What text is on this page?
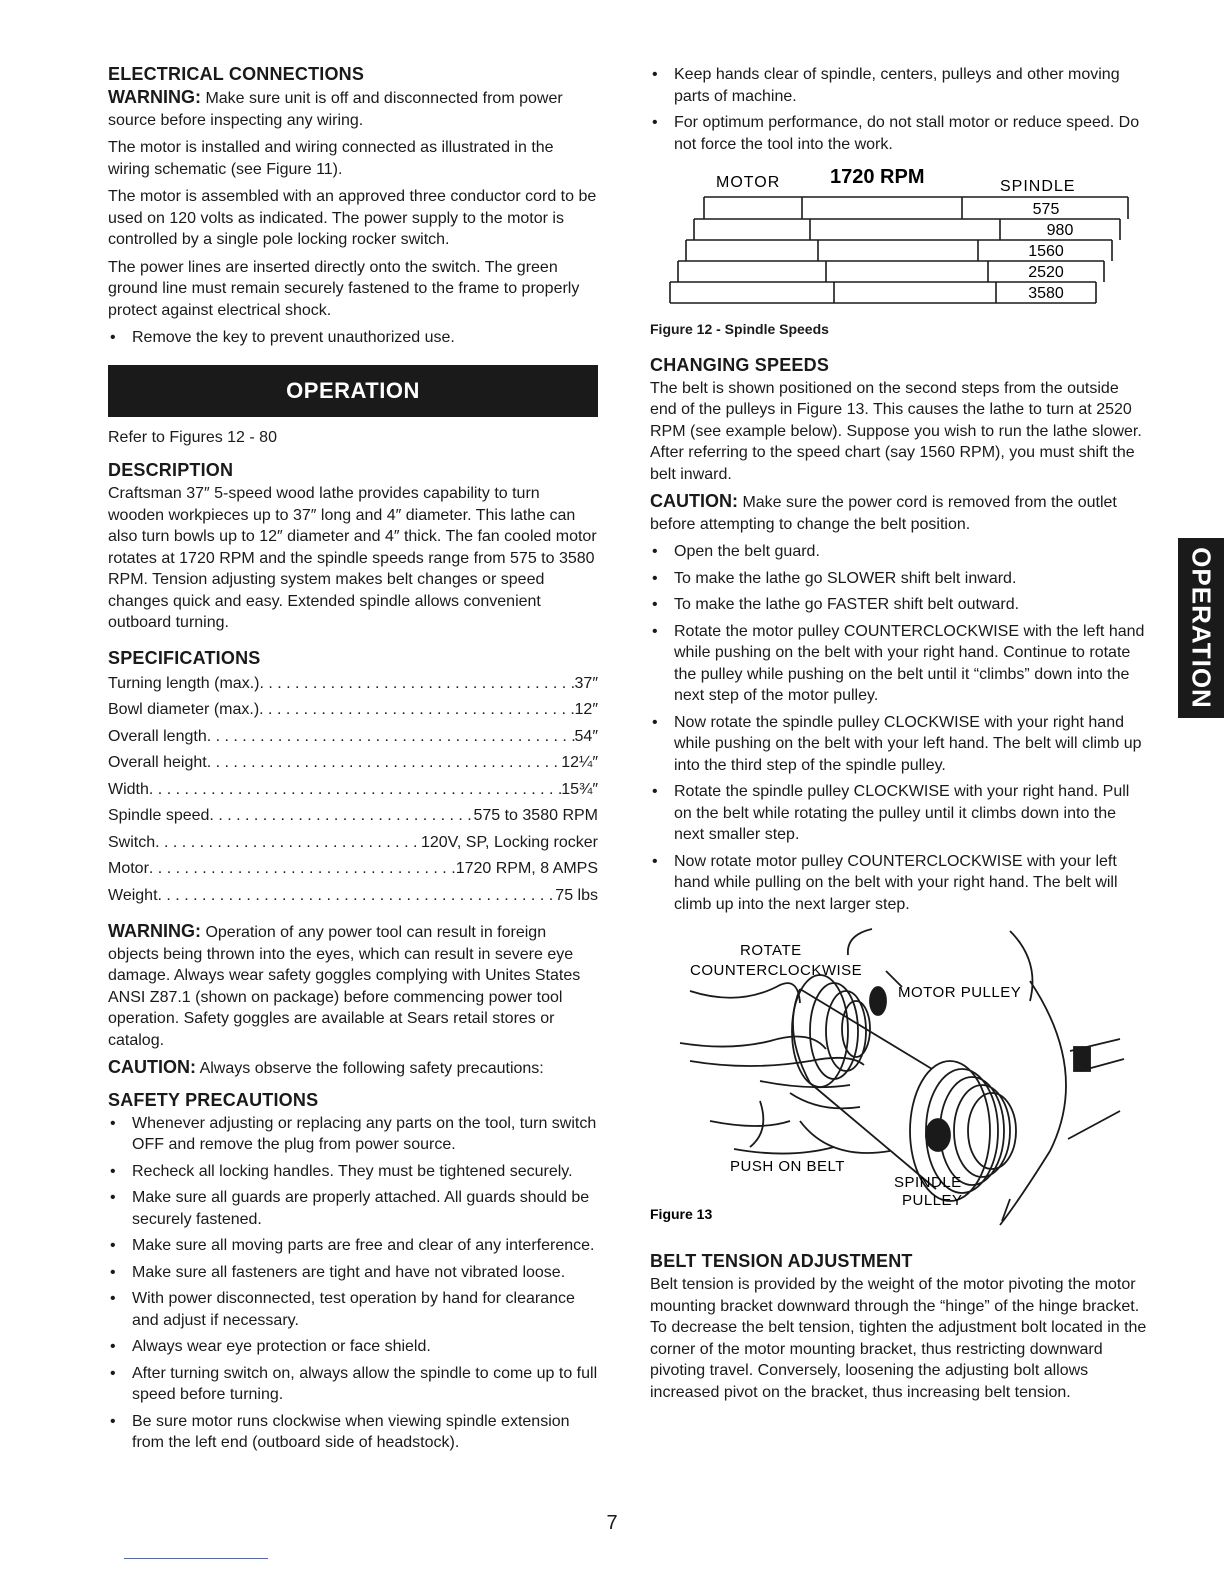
ELECTRICAL CONNECTIONS

WARNING: Make sure unit is off and disconnected from power source before inspecting any wiring.

The motor is installed and wiring connected as illustrated in the wiring schematic (see Figure 11).

The motor is assembled with an approved three conductor cord to be used on 120 volts as indicated. The power supply to the motor is controlled by a single pole locking rocker switch.

The power lines are inserted directly onto the switch. The green ground line must remain securely fastened to the frame to properly protect against electrical shock.

• Remove the key to prevent unauthorized use.
OPERATION

Refer to Figures 12 - 80

DESCRIPTION

Craftsman 37″ 5-speed wood lathe provides capability to turn wooden workpieces up to 37″ long and 4″ diameter. This lathe can also turn bowls up to 12″ diameter and 4″ thick. The fan cooled motor rotates at 1720 RPM and the spindle speeds range from 575 to 3580 RPM. Tension adjusting system makes belt changes or speed changes quick and easy. Extended spindle allows convenient outboard turning.

SPECIFICATIONS
Turning length (max.) . . .	37″
Bowl diameter (max.) . . .	12″
Overall length . . .	54″
Overall height . . .	12¼″
Width . . .	15¾″
Spindle speed . . .	575 to 3580 RPM
Switch . . .	120V, SP, Locking rocker
Motor . . .	1720 RPM, 8 AMPS
Weight . . .	75 lbs

WARNING: Operation of any power tool can result in foreign objects being thrown into the eyes, which can result in severe eye damage. Always wear safety goggles complying with Unites States ANSI Z87.1 (shown on package) before commencing power tool operation. Safety goggles are available at Sears retail stores or catalog.

CAUTION: Always observe the following safety precautions:

SAFETY PRECAUTIONS
• Whenever adjusting or replacing any parts on the tool, turn switch OFF and remove the plug from power source.
• Recheck all locking handles. They must be tightened securely.
• Make sure all guards are properly attached. All guards should be securely fastened.
• Make sure all moving parts are free and clear of any interference.
• Make sure all fasteners are tight and have not vibrated loose.
• With power disconnected, test operation by hand for clearance and adjust if necessary.
• Always wear eye protection or face shield.
• After turning switch on, always allow the spindle to come up to full speed before turning.
• Be sure motor runs clockwise when viewing spindle extension from the left end (outboard side of headstock).
• Keep hands clear of spindle, centers, pulleys and other moving parts of machine.
• For optimum performance, do not stall motor or reduce speed. Do not force the tool into the work.
MOTOR 1720 RPM	SPINDLE
575
980
1560
2520
3580

Figure 12 - Spindle Speeds

CHANGING SPEEDS

The belt is shown positioned on the second steps from the outside end of the pulleys in Figure 13. This causes the lathe to turn at 2520 RPM (see example below). Suppose you wish to run the lathe slower. After referring to the speed chart (say 1560 RPM), you must shift the belt inward.

CAUTION: Make sure the power cord is removed from the outlet before attempting to change the belt position.

• Open the belt guard.
• To make the lathe go SLOWER shift belt inward.
• To make the lathe go FASTER shift belt outward.
• Rotate the motor pulley COUNTERCLOCKWISE with the left hand while pushing on the belt with your right hand. Continue to rotate the pulley while pushing on the belt until it “climbs” down into the next step of the motor pulley.
• Now rotate the spindle pulley CLOCKWISE with your right hand while pushing on the belt with your left hand. The belt will climb up into the third step of the spindle pulley.
• Rotate the spindle pulley CLOCKWISE with your right hand. Pull on the belt while rotating the pulley until it climbs down into the next smaller step.
• Now rotate motor pulley COUNTERCLOCKWISE with your left hand while pulling on the belt with your right hand. The belt will climb up into the next larger step.
ROTATE
COUNTERCLOCKWISE
MOTOR PULLEY
PUSH ON BELT
SPINDLE
PULLEY
Figure 13
BELT TENSION ADJUSTMENT

Belt tension is provided by the weight of the motor pivoting the motor mounting bracket downward through the “hinge” of the hinge bracket. To decrease the belt tension, tighten the adjustment bolt located in the corner of the motor mounting bracket, thus restricting downward pivoting travel. Conversely, loosening the adjusting bolt allows increased pivot on the bracket, thus increasing belt tension.

OPERATION
7
